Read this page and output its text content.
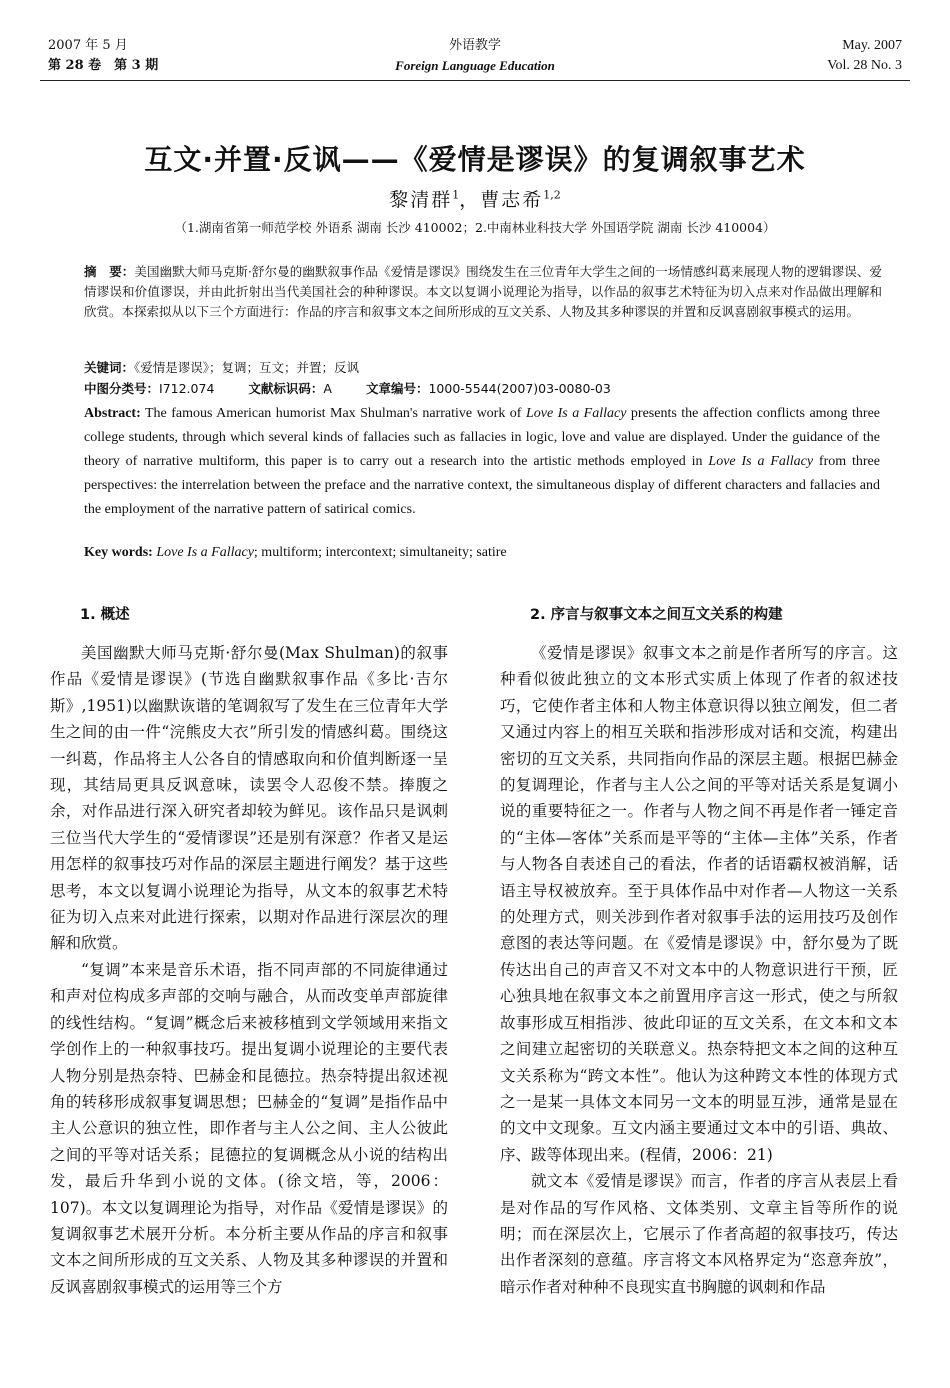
2007 年 5 月
第 28 卷　第 3 期
外语教学
Foreign Language Education
May. 2007
Vol. 28 No. 3
互文·并置·反讽——《爱情是谬误》的复调叙事艺术
黎清群$^1$，曹志希$^{1,2}$
（1.湖南省第一师范学校 外语系 湖南 长沙 410002；2.中南林业科技大学 外国语学院 湖南 长沙 410004）
摘　要：美国幽默大师马克斯·舒尔曼的幽默叙事作品《爱情是谬误》围绕发生在三位青年大学生之间的一场情感纠葛来展现人物的逻辑谬误、爱情谬误和价值谬误，并由此折射出当代美国社会的种种谬误。本文以复调小说理论为指导，以作品的叙事艺术特征为切入点来对作品做出理解和欣赏。本探索拟从以下三个方面进行：作品的序言和叙事文本之间所形成的互文关系、人物及其多种谬误的并置和反讽喜剧叙事模式的运用。
关键词：《爱情是谬误》；复调；互文；并置；反讽
中图分类号：I712.074	文献标识码：A	文章编号：1000-5544(2007)03-0080-03
Abstract: The famous American humorist Max Shulman's narrative work of Love Is a Fallacy presents the affection conflicts among three college students, through which several kinds of fallacies such as fallacies in logic, love and value are displayed. Under the guidance of the theory of narrative multiform, this paper is to carry out a research into the artistic methods employed in Love Is a Fallacy from three perspectives: the interrelation between the preface and the narrative context, the simultaneous display of different characters and fallacies and the employment of the narrative pattern of satirical comics.
Key words: Love Is a Fallacy; multiform; intercontext; simultaneity; satire
1. 概述

美国幽默大师马克斯·舒尔曼(Max Shulman)的叙事作品《爱情是谬误》(节选自幽默叙事作品《多比·吉尔斯》,1951)以幽默诙谐的笔调叙写了发生在三位青年大学生之间的由一件“浣熊皮大衣”所引发的情感纠葛。围绕这一纠葛，作品将主人公各自的情感取向和价值判断逐一呈现，其结局更具反讽意味，读罢令人忍俊不禁。捧腹之余，对作品进行深入研究者却较为鲜见。该作品只是讽刺三位当代大学生的“爱情谬误”还是别有深意？作者又是运用怎样的叙事技巧对作品的深层主题进行阐发？基于这些思考，本文以复调小说理论为指导，从文本的叙事艺术特征为切入点来对此进行探索，以期对作品进行深层次的理解和欣赏。

“复调”本来是音乐术语，指不同声部的不同旋律通过和声对位构成多声部的交响与融合，从而改变单声部旋律的线性结构。“复调”概念后来被移植到文学领域用来指文学创作上的一种叙事技巧。提出复调小说理论的主要代表人物分别是热奈特、巴赫金和昆德拉。热奈特提出叙述视角的转移形成叙事复调思想；巴赫金的“复调”是指作品中主人公意识的独立性，即作者与主人公之间、主人公彼此之间的平等对话关系；昆德拉的复调概念从小说的结构出发，最后升华到小说的文体。(徐文培，等，2006：107)。本文以复调理论为指导，对作品《爱情是谬误》的复调叙事艺术展开分析。本分析主要从作品的序言和叙事文本之间所形成的互文关系、人物及其多种谬误的并置和反讽喜剧叙事模式的运用等三个方

2. 序言与叙事文本之间互文关系的构建

《爱情是谬误》叙事文本之前是作者所写的序言。这种看似彼此独立的文本形式实质上体现了作者的叙述技巧，它使作者主体和人物主体意识得以独立阐发，但二者又通过内容上的相互关联和指涉形成对话和交流，构建出密切的互文关系，共同指向作品的深层主题。根据巴赫金的复调理论，作者与主人公之间的平等对话关系是复调小说的重要特征之一。作者与人物之间不再是作者一锤定音的“主体—客体”关系而是平等的“主体—主体”关系，作者与人物各自表述自己的看法，作者的话语霸权被消解，话语主导权被放弃。至于具体作品中对作者—人物这一关系的处理方式，则关涉到作者对叙事手法的运用技巧及创作意图的表达等问题。在《爱情是谬误》中，舒尔曼为了既传达出自己的声音又不对文本中的人物意识进行干预，匠心独具地在叙事文本之前置用序言这一形式，使之与所叙故事形成互相指涉、彼此印证的互文关系，在文本和文本之间建立起密切的关联意义。热奈特把文本之间的这种互文关系称为“跨文本性”。他认为这种跨文本性的体现方式之一是某一具体文本同另一文本的明显互涉，通常是显在的文中文现象。互文内涵主要通过文本中的引语、典故、序、跋等体现出来。(程倩，2006：21)

就文本《爱情是谬误》而言，作者的序言从表层上看是对作品的写作风格、文体类别、文章主旨等所作的说明；而在深层次上，它展示了作者高超的叙事技巧，传达出作者深刻的意蕴。序言将文本风格界定为“恣意奔放”，暗示作者对种种不良现实直书胸臆的讽刺和作品
